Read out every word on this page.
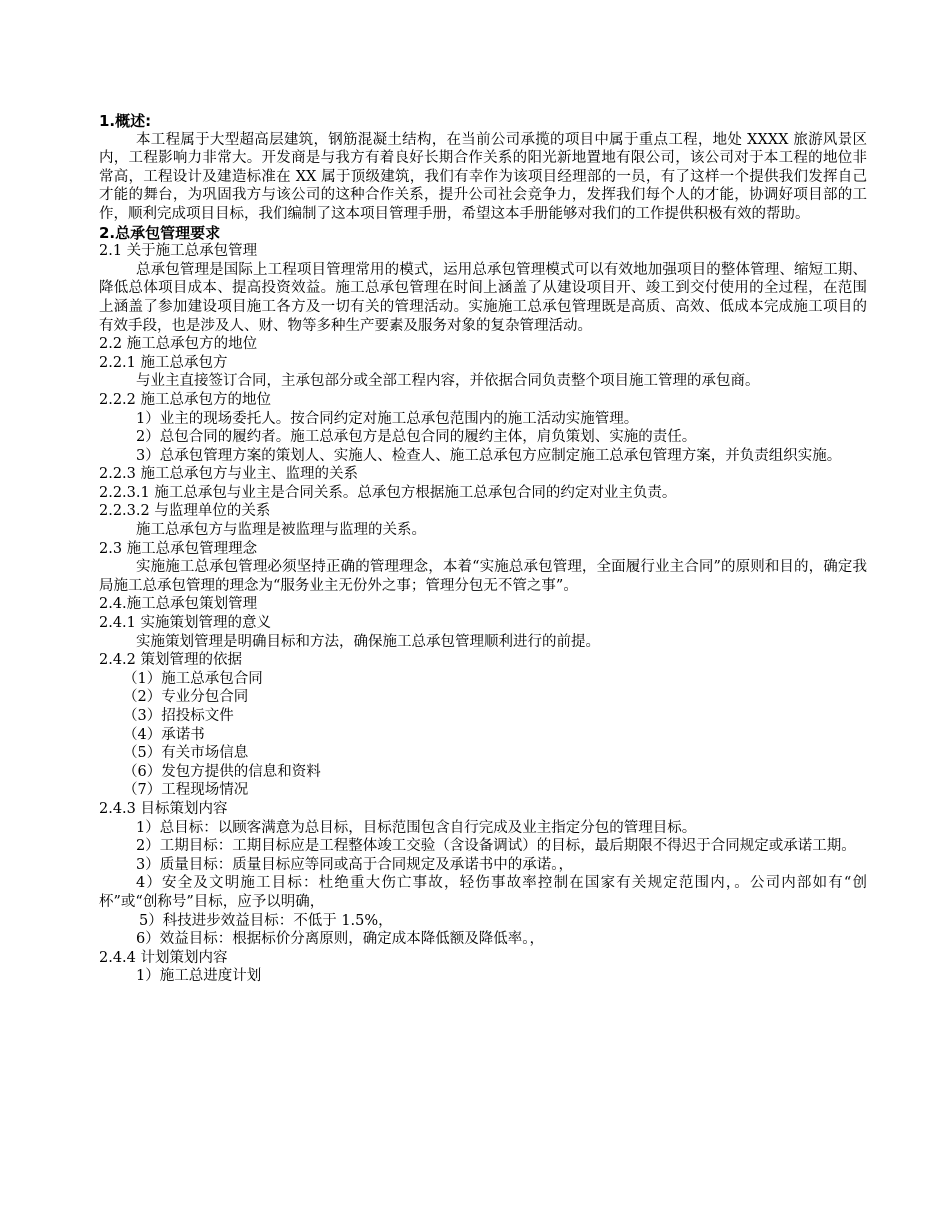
1.概述:

本工程属于大型超高层建筑，钢筋混凝土结构，在当前公司承揽的项目中属于重点工程，地处 XXXX 旅游风景区内，工程影响力非常大。开发商是与我方有着良好长期合作关系的阳光新地置地有限公司，该公司对于本工程的地位非常高，工程设计及建造标准在 XX 属于顶级建筑，我们有幸作为该项目经理部的一员，有了这样一个提供我们发挥自己才能的舞台，为巩固我方与该公司的这种合作关系，提升公司社会竞争力，发挥我们每个人的才能，协调好项目部的工作，顺利完成项目目标，我们编制了这本项目管理手册，希望这本手册能够对我们的工作提供积极有效的帮助。

2.总承包管理要求

2.1 关于施工总承包管理

总承包管理是国际上工程项目管理常用的模式，运用总承包管理模式可以有效地加强项目的整体管理、缩短工期、降低总体项目成本、提高投资效益。施工总承包管理在时间上涵盖了从建设项目开、竣工到交付使用的全过程，在范围上涵盖了参加建设项目施工各方及一切有关的管理活动。实施施工总承包管理既是高质、高效、低成本完成施工项目的有效手段，也是涉及人、财、物等多种生产要素及服务对象的复杂管理活动。

2.2 施工总承包方的地位

2.2.1 施工总承包方

与业主直接签订合同，主承包部分或全部工程内容，并依据合同负责整个项目施工管理的承包商。

2.2.2 施工总承包方的地位

1）业主的现场委托人。按合同约定对施工总承包范围内的施工活动实施管理。

2）总包合同的履约者。施工总承包方是总包合同的履约主体，肩负策划、实施的责任。

3）总承包管理方案的策划人、实施人、检查人、施工总承包方应制定施工总承包管理方案，并负责组织实施。

2.2.3 施工总承包方与业主、监理的关系

2.2.3.1 施工总承包与业主是合同关系。总承包方根据施工总承包合同的约定对业主负责。

2.2.3.2 与监理单位的关系

施工总承包方与监理是被监理与监理的关系。

2.3 施工总承包管理理念

实施施工总承包管理必须坚持正确的管理理念，本着“实施总承包管理，全面履行业主合同”的原则和目的，确定我局施工总承包管理的理念为“服务业主无份外之事；管理分包无不管之事”。

2.4.施工总承包策划管理

2.4.1 实施策划管理的意义

实施策划管理是明确目标和方法，确保施工总承包管理顺利进行的前提。

2.4.2 策划管理的依据

（1）施工总承包合同

（2）专业分包合同

（3）招投标文件

（4）承诺书

（5）有关市场信息

（6）发包方提供的信息和资料

（7）工程现场情况

2.4.3 目标策划内容

1）总目标：以顾客满意为总目标，目标范围包含自行完成及业主指定分包的管理目标。

2）工期目标：工期目标应是工程整体竣工交验（含设备调试）的目标，最后期限不得迟于合同规定或承诺工期。

3）质量目标：质量目标应等同或高于合同规定及承诺书中的承诺。，

4）安全及文明施工目标：杜绝重大伤亡事故，轻伤事故率控制在国家有关规定范围内，。公司内部如有“创杯”或“创称号”目标，应予以明确，

5）科技进步效益目标：不低于 1.5%，

6）效益目标：根据标价分离原则，确定成本降低额及降低率。，

2.4.4 计划策划内容

1）施工总进度计划
